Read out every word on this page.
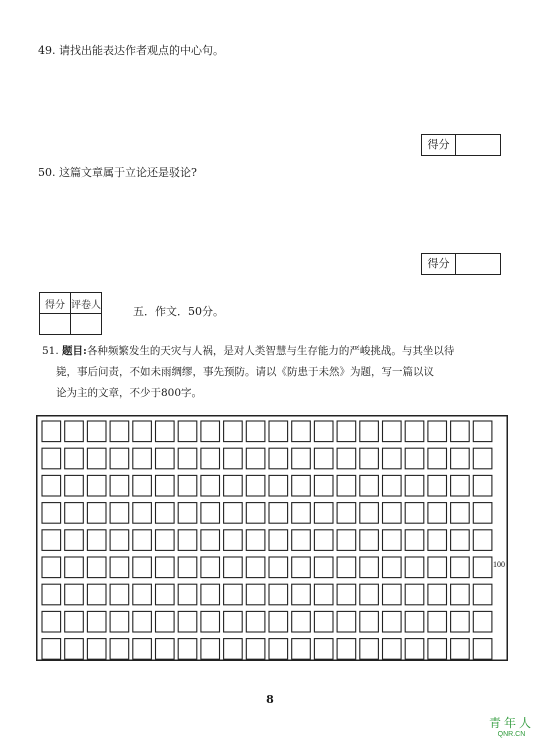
49. 请找出能表达作者观点的中心句。
得分
50. 这篇文章属于立论还是驳论?
得分
得分	评卷人
		五．作文．50分。
51. 题目:各种频繁发生的天灾与人祸，是对人类智慧与生存能力的严峻挑战。与其坐以待
毙，事后问责，不如未雨绸缪，事先预防。请以《防患于未然》为题，写一篇以议
论为主的文章，不少于800字。
100
8
青年人
QNR.CN
